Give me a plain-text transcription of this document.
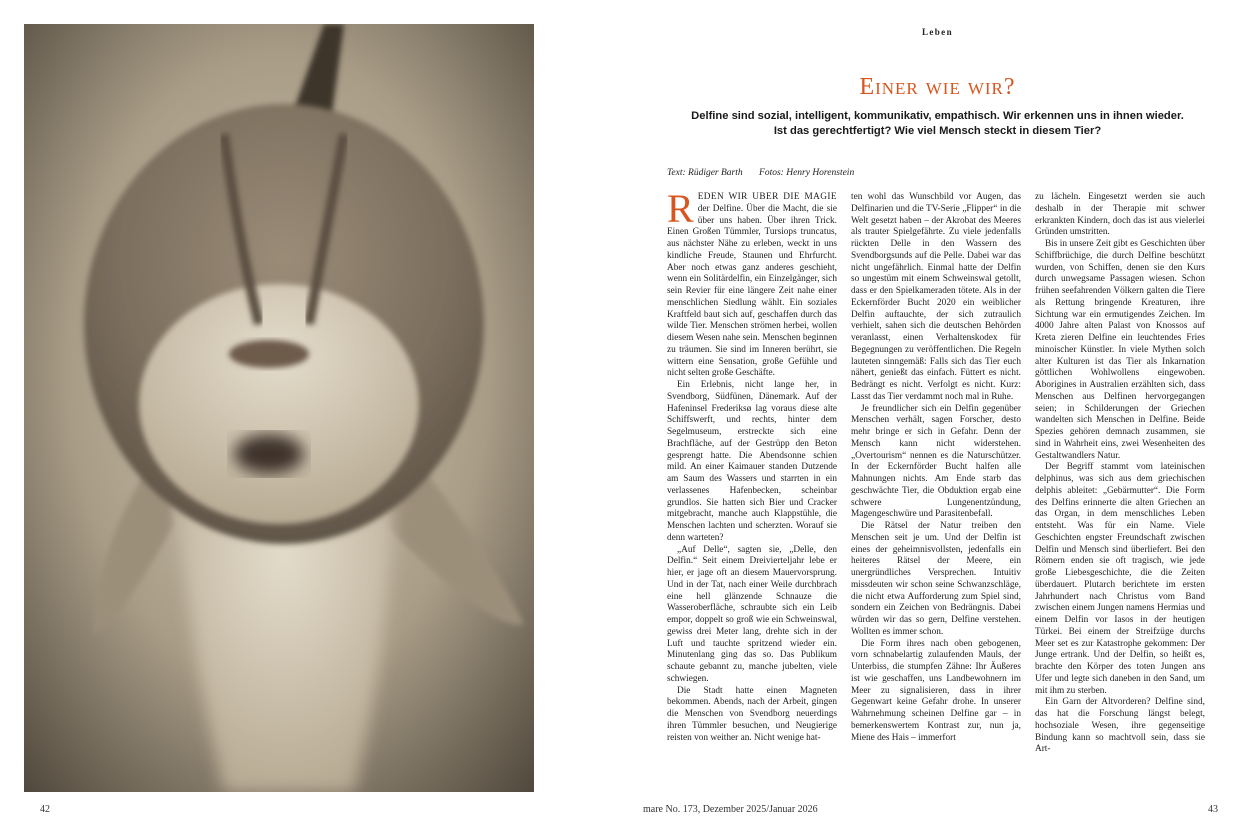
42
Leben
Einer wie wir?
Delfine sind sozial, intelligent, kommunikativ, empathisch. Wir erkennen uns in ihnen wieder. Ist das gerechtfertigt? Wie viel Mensch steckt in diesem Tier?
Text: Rüdiger Barth Fotos: Henry Horenstein

REDEN WIR ÜBER DIE MAGIE der Delfine. Über die Macht, die sie über uns haben. Über ihren Trick. Einen Großen Tümmler, Tursiops truncatus, aus nächster Nähe zu erleben, weckt in uns kindliche Freude, Staunen und Ehrfurcht. Aber noch etwas ganz anderes geschieht, wenn ein Solitärdelfin, ein Einzelgänger, sich sein Revier für eine längere Zeit nahe einer menschlichen Siedlung wählt. Ein soziales Kraftfeld baut sich auf, geschaffen durch das wilde Tier. Menschen strömen herbei, wollen diesem Wesen nahe sein. Menschen beginnen zu träumen. Sie sind im Inneren berührt, sie wittern eine Sensation, große Gefühle und nicht selten große Geschäfte.

Ein Erlebnis, nicht lange her, in Svendborg, Südfünen, Dänemark. Auf der Hafeninsel Frederiksø lag voraus diese alte Schiffswerft, und rechts, hinter dem Segelmuseum, erstreckte sich eine Brachfläche, auf der Gestrüpp den Beton gesprengt hatte. Die Abendsonne schien mild. An einer Kaimauer standen Dutzende am Saum des Wassers und starrten in ein verlassenes Hafenbecken, scheinbar grundlos. Sie hatten sich Bier und Cracker mitgebracht, manche auch Klappstühle, die Menschen lachten und scherzten. Worauf sie denn warteten?

„Auf Delle“, sagten sie, „Delle, den Delfin.“ Seit einem Dreivierteljahr lebe er hier, er jage oft an diesem Mauervorsprung. Und in der Tat, nach einer Weile durchbrach eine hell glänzende Schnauze die Wasseroberfläche, schraubte sich ein Leib empor, doppelt so groß wie ein Schweinswal, gewiss drei Meter lang, drehte sich in der Luft und tauchte spritzend wieder ein. Minutenlang ging das so. Das Publikum schaute gebannt zu, manche jubelten, viele schwiegen.

Die Stadt hatte einen Magneten bekommen. Abends, nach der Arbeit, gingen die Menschen von Svendborg neuerdings ihren Tümmler besuchen, und Neugierige reisten von weither an. Nicht wenige hat-

ten wohl das Wunschbild vor Augen, das Delfinarien und die TV-Serie „Flipper“ in die Welt gesetzt haben – der Akrobat des Meeres als trauter Spielgefährte. Zu viele jedenfalls rückten Delle in den Wassern des Svendborgsunds auf die Pelle. Dabei war das nicht ungefährlich. Einmal hatte der Delfin so ungestüm mit einem Schweinswal getollt, dass er den Spielkameraden tötete. Als in der Eckernförder Bucht 2020 ein weiblicher Delfin auftauchte, der sich zutraulich verhielt, sahen sich die deutschen Behörden veranlasst, einen Verhaltenskodex für Begegnungen zu veröffentlichen. Die Regeln lauteten sinngemäß: Falls sich das Tier euch nähert, genießt das einfach. Füttert es nicht. Bedrängt es nicht. Verfolgt es nicht. Kurz: Lasst das Tier verdammt noch mal in Ruhe.

Je freundlicher sich ein Delfin gegenüber Menschen verhält, sagen Forscher, desto mehr bringe er sich in Gefahr. Denn der Mensch kann nicht widerstehen. „Overtourism“ nennen es die Naturschützer. In der Eckernförder Bucht halfen alle Mahnungen nichts. Am Ende starb das geschwächte Tier, die Obduktion ergab eine schwere Lungenentzündung, Magengeschwüre und Parasitenbefall.

Die Rätsel der Natur treiben den Menschen seit je um. Und der Delfin ist eines der geheimnisvollsten, jedenfalls ein heiteres Rätsel der Meere, ein unergründliches Versprechen. Intuitiv missdeuten wir schon seine Schwanzschläge, die nicht etwa Aufforderung zum Spiel sind, sondern ein Zeichen von Bedrängnis. Dabei würden wir das so gern, Delfine verstehen. Wollten es immer schon.

Die Form ihres nach oben gebogenen, vorn schnabelartig zulaufenden Mauls, der Unterbiss, die stumpfen Zähne: Ihr Äußeres ist wie geschaffen, uns Landbewohnern im Meer zu signalisieren, dass in ihrer Gegenwart keine Gefahr drohe. In unserer Wahrnehmung scheinen Delfine gar – in bemerkenswertem Kontrast zur, nun ja, Miene des Hais – immerfort

zu lächeln. Eingesetzt werden sie auch deshalb in der Therapie mit schwer erkrankten Kindern, doch das ist aus vielerlei Gründen umstritten.

Bis in unsere Zeit gibt es Geschichten über Schiffbrüchige, die durch Delfine beschützt wurden, von Schiffen, denen sie den Kurs durch unwegsame Passagen wiesen. Schon frühen seefahrenden Völkern galten die Tiere als Rettung bringende Kreaturen, ihre Sichtung war ein ermutigendes Zeichen. Im 4000 Jahre alten Palast von Knossos auf Kreta zieren Delfine ein leuchtendes Fries minoischer Künstler. In viele Mythen solch alter Kulturen ist das Tier als Inkarnation göttlichen Wohlwollens eingewoben. Aborigines in Australien erzählten sich, dass Menschen aus Delfinen hervorgegangen seien; in Schilderungen der Griechen wandelten sich Menschen in Delfine. Beide Spezies gehören demnach zusammen, sie sind in Wahrheit eins, zwei Wesenheiten des Gestaltwandlers Natur.

Der Begriff stammt vom lateinischen delphinus, was sich aus dem griechischen delphis ableitet: „Gebärmutter“. Die Form des Delfins erinnerte die alten Griechen an das Organ, in dem menschliches Leben entsteht. Was für ein Name. Viele Geschichten engster Freundschaft zwischen Delfin und Mensch sind überliefert. Bei den Römern enden sie oft tragisch, wie jede große Liebesgeschichte, die die Zeiten überdauert. Plutarch berichtete im ersten Jahrhundert nach Christus vom Band zwischen einem Jungen namens Hermias und einem Delfin vor Iasos in der heutigen Türkei. Bei einem der Streifzüge durchs Meer set es zur Katastrophe gekommen: Der Junge ertrank. Und der Delfin, so heißt es, brachte den Körper des toten Jungen ans Ufer und legte sich daneben in den Sand, um mit ihm zu sterben.

Ein Garn der Altvorderen? Delfine sind, das hat die Forschung längst belegt, hochsoziale Wesen, ihre gegenseitige Bindung kann so machtvoll sein, dass sie Art-

mare No. 173, Dezember 2025/Januar 2026	43
